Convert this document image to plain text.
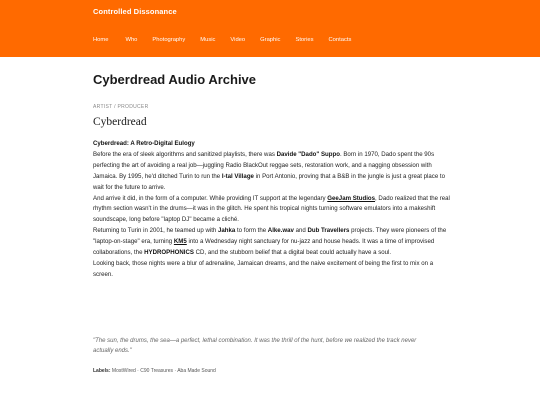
Controlled Dissonance
Home	Who	Photography	Music	Video	Graphic	Stories	Contacts
Cyberdread Audio Archive
ARTIST / PRODUCER
Cyberdread

Cyberdread: A Retro-Digital Eulogy

Before the era of sleek algorithms and sanitized playlists, there was Davide "Dado" Suppo. Born in 1970, Dado spent the 90s perfecting the art of avoiding a real job—juggling Radio BlackOut reggae sets, restoration work, and a nagging obsession with Jamaica. By 1995, he'd ditched Turin to run the I-tal Village in Port Antonio, proving that a B&B in the jungle is just a great place to wait for the future to arrive.

And arrive it did, in the form of a computer. While providing IT support at the legendary GeeJam Studios, Dado realized that the real rhythm section wasn't in the drums—it was in the glitch. He spent his tropical nights turning software emulators into a makeshift soundscape, long before "laptop DJ" became a cliché.

Returning to Turin in 2001, he teamed up with Jahka to form the Alke.wav and Dub Travellers projects. They were pioneers of the "laptop-on-stage" era, turning KM5 into a Wednesday night sanctuary for nu-jazz and house heads. It was a time of improvised collaborations, the HYDROPHONICS CD, and the stubborn belief that a digital beat could actually have a soul.

Looking back, those nights were a blur of adrenaline, Jamaican dreams, and the naive excitement of being the first to mix on a screen.

"The sun, the drums, the sea—a perfect, lethal combination. It was the thrill of the hunt, before we realized the track never actually ends."
Labels: MostWired · C90 Treasures · Aba Made Sound
